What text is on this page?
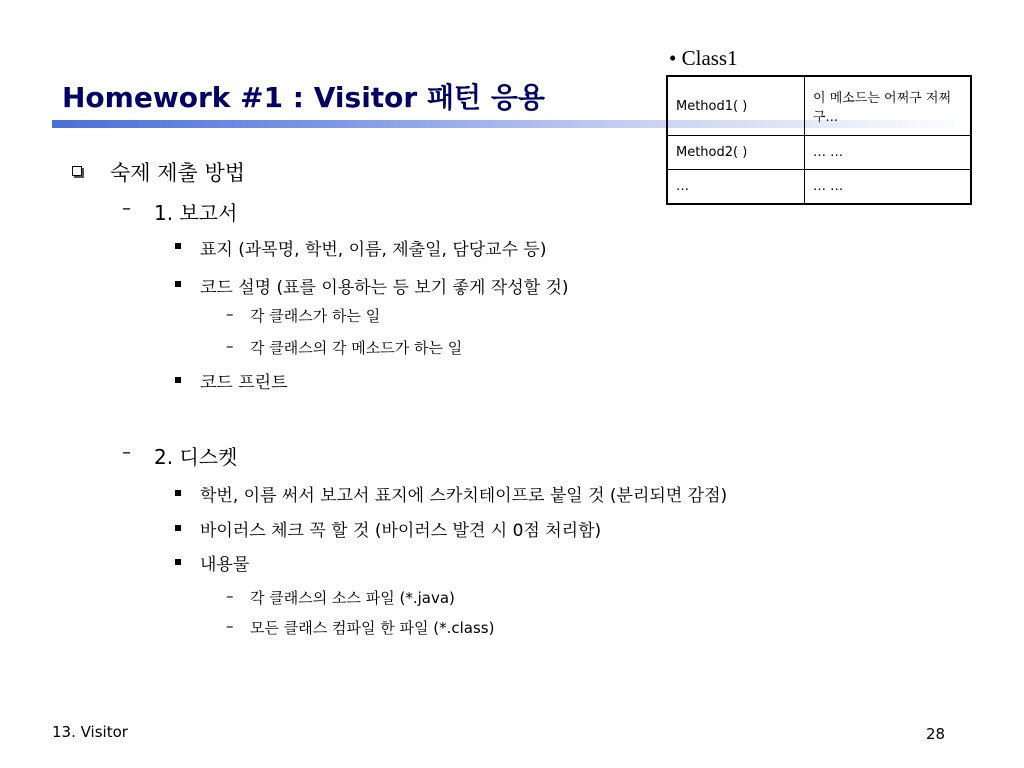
Homework #1 : Visitor 패턴 응용
• Class1
Method1( )	이 메소드는 어쩌구 저쩌구...
Method2( )	… …
…	… …
숙제 제출 방법
– 1. 보고서
표지 (과목명, 학번, 이름, 제출일, 담당교수 등)
코드 설명 (표를 이용하는 등 보기 좋게 작성할 것)
– 각 클래스가 하는 일
– 각 클래스의 각 메소드가 하는 일
코드 프린트
– 2. 디스켓
학번, 이름 써서 보고서 표지에 스카치테이프로 붙일 것 (분리되면 감점)
바이러스 체크 꼭 할 것 (바이러스 발견 시 0점 처리함)
내용물
– 각 클래스의 소스 파일 (*.java)
– 모든 클래스 컴파일 한 파일 (*.class)
13. Visitor	28
